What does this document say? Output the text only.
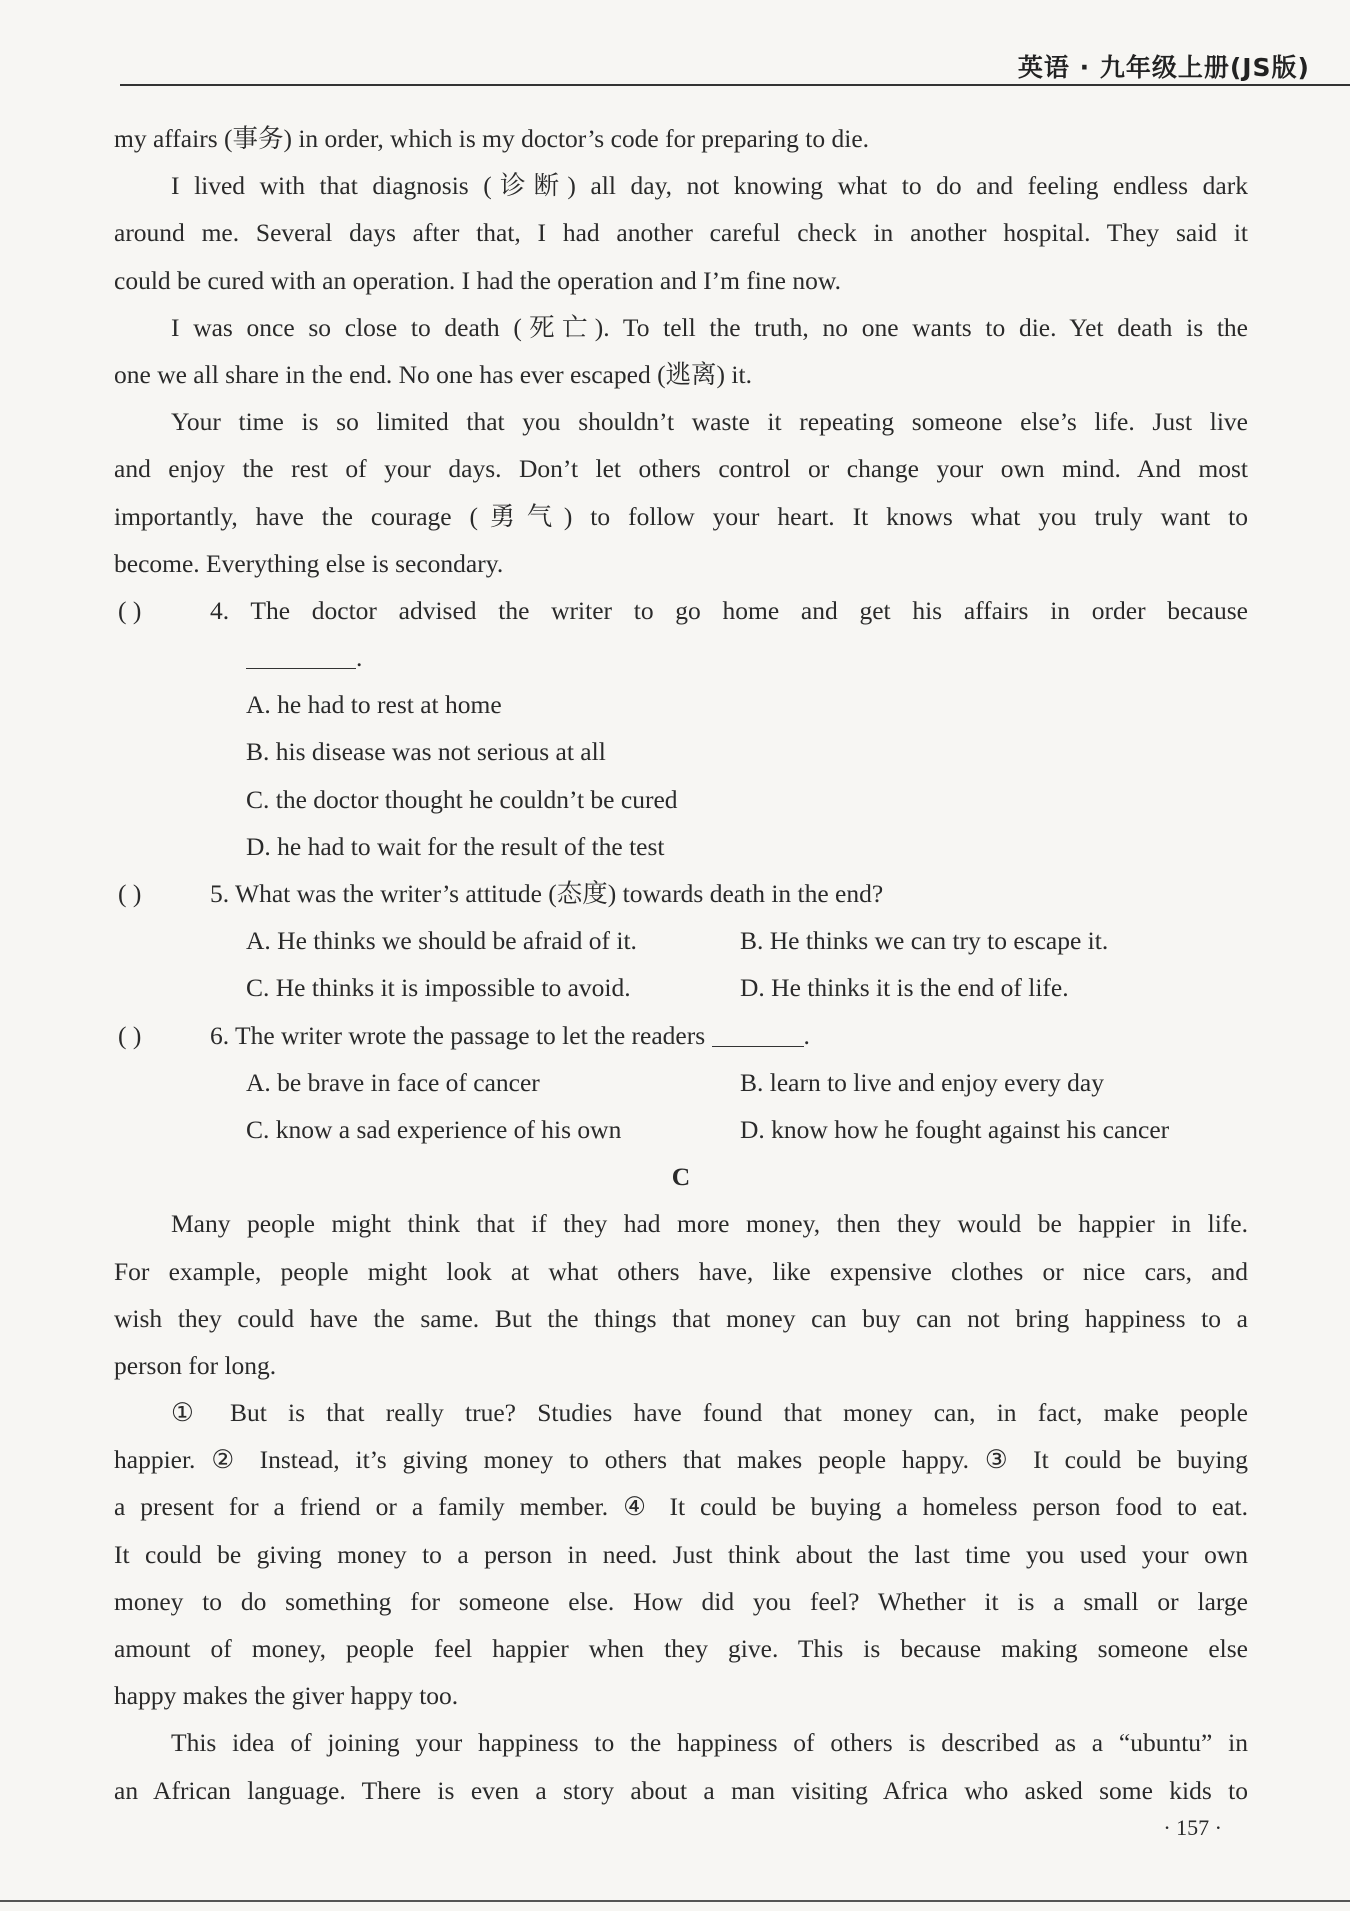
英语 · 九年级上册(JS版)
my affairs (事务) in order, which is my doctor’s code for preparing to die.
I lived with that diagnosis (诊断) all day, not knowing what to do and feeling endless dark
around me. Several days after that, I had another careful check in another hospital. They said it
could be cured with an operation. I had the operation and I’m fine now.
I was once so close to death (死亡). To tell the truth, no one wants to die. Yet death is the
one we all share in the end. No one has ever escaped (逃离) it.
Your time is so limited that you shouldn’t waste it repeating someone else’s life. Just live
and enjoy the rest of your days. Don’t let others control or change your own mind. And most
importantly, have the courage (勇气) to follow your heart. It knows what you truly want to
become. Everything else is secondary.
( )	4. The doctor advised the writer to go home and get his affairs in order because
.
A. he had to rest at home
B. his disease was not serious at all
C. the doctor thought he couldn’t be cured
D. he had to wait for the result of the test
( )	5. What was the writer’s attitude (态度) towards death in the end?
A. He thinks we should be afraid of it.	B. He thinks we can try to escape it.
C. He thinks it is impossible to avoid.	D. He thinks it is the end of life.
( )	6. The writer wrote the passage to let the readers	.
A. be brave in face of cancer	B. learn to live and enjoy every day
C. know a sad experience of his own	D. know how he fought against his cancer
C
Many people might think that if they had more money, then they would be happier in life.
For example, people might look at what others have, like expensive clothes or nice cars, and
wish they could have the same. But the things that money can buy can not bring happiness to a
person for long.
① But is that really true? Studies have found that money can, in fact, make people
happier. ② Instead, it’s giving money to others that makes people happy. ③ It could be buying
a present for a friend or a family member. ④ It could be buying a homeless person food to eat.
It could be giving money to a person in need. Just think about the last time you used your own
money to do something for someone else. How did you feel? Whether it is a small or large
amount of money, people feel happier when they give. This is because making someone else
happy makes the giver happy too.
This idea of joining your happiness to the happiness of others is described as a “ubuntu” in
an African language. There is even a story about a man visiting Africa who asked some kids to
· 157 ·
